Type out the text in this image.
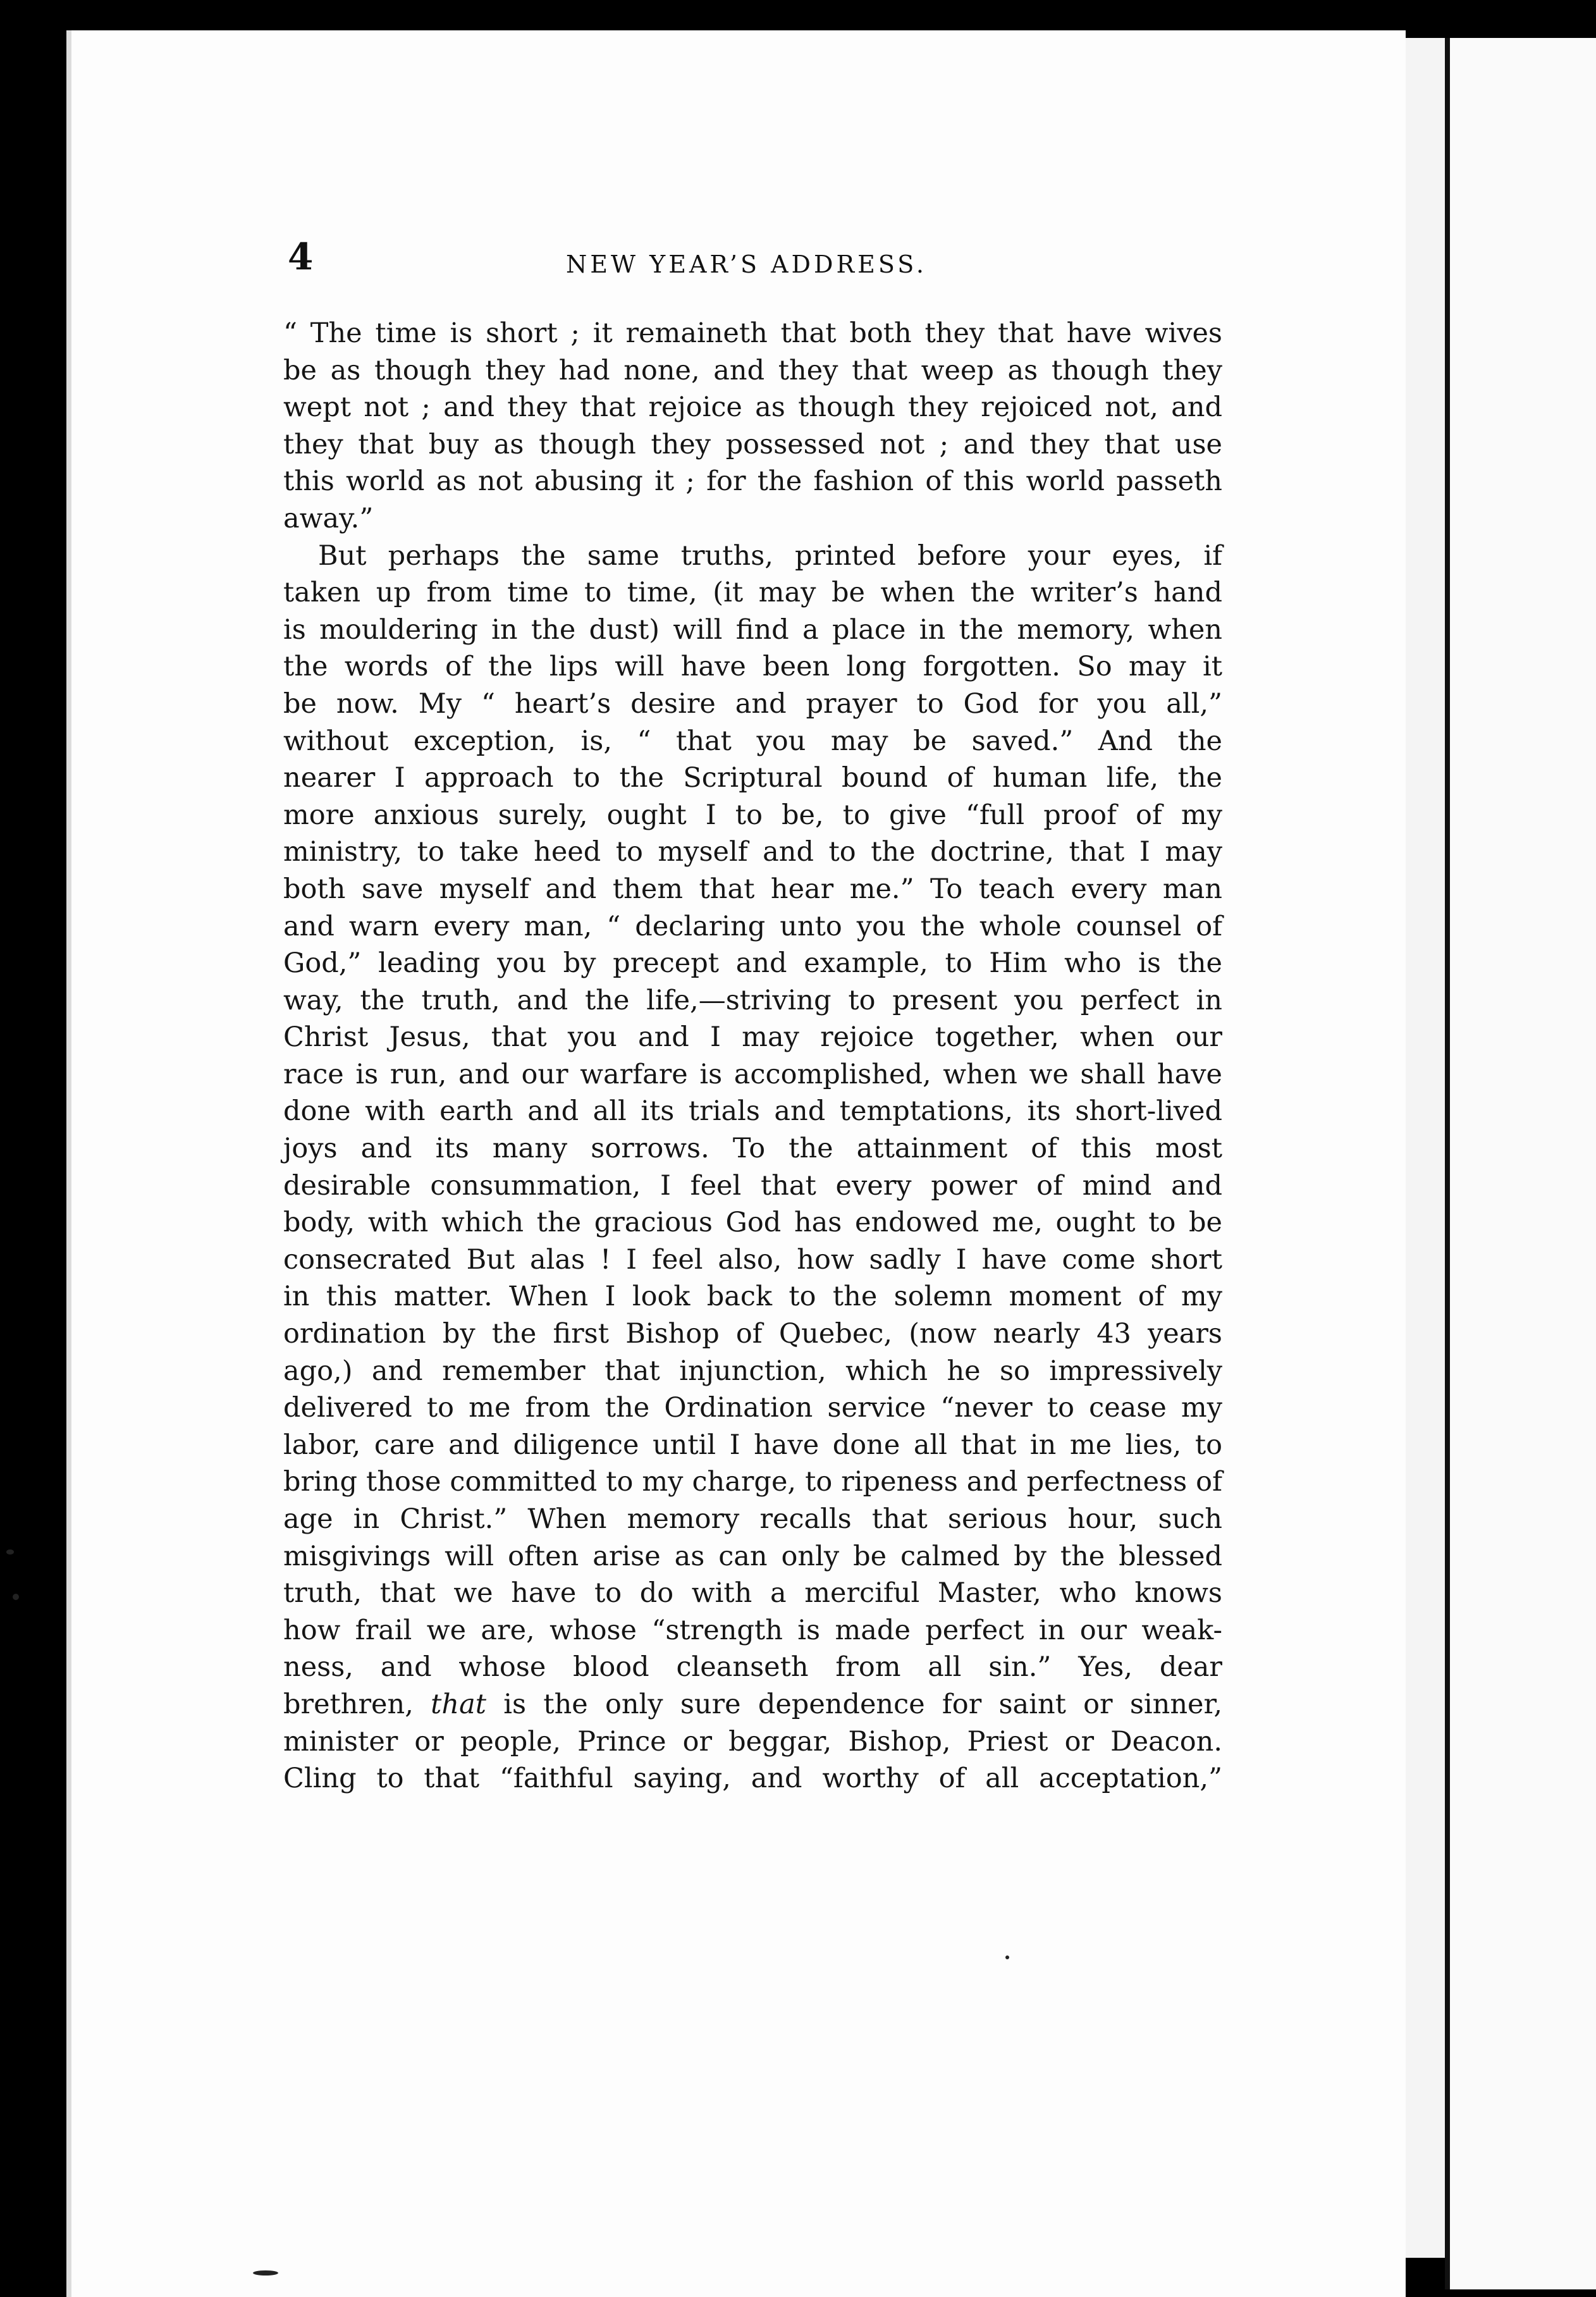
4	NEW YEAR’S ADDRESS.
“ The time is short ; it remaineth that both they that have wives
be as though they had none, and they that weep as though they
wept not ; and they that rejoice as though they rejoiced not, and
they that buy as though they possessed not ; and they that use
this world as not abusing it ; for the fashion of this world passeth
away.”
But perhaps the same truths, printed before your eyes, if
taken up from time to time, (it may be when the writer’s hand
is mouldering in the dust) will find a place in the memory, when
the words of the lips will have been long forgotten. So may it
be now. My “ heart’s desire and prayer to God for you all,”
without exception, is, “ that you may be saved.” And the
nearer I approach to the Scriptural bound of human life, the
more anxious surely, ought I to be, to give “full proof of my
ministry, to take heed to myself and to the doctrine, that I may
both save myself and them that hear me.” To teach every man
and warn every man, “ declaring unto you the whole counsel of
God,” leading you by precept and example, to Him who is the
way, the truth, and the life,—striving to present you perfect in
Christ Jesus, that you and I may rejoice together, when our
race is run, and our warfare is accomplished, when we shall have
done with earth and all its trials and temptations, its short-lived
joys and its many sorrows. To the attainment of this most
desirable consummation, I feel that every power of mind and
body, with which the gracious God has endowed me, ought to be
consecrated But alas ! I feel also, how sadly I have come short
in this matter. When I look back to the solemn moment of my
ordination by the first Bishop of Quebec, (now nearly 43 years
ago,) and remember that injunction, which he so impressively
delivered to me from the Ordination service “never to cease my
labor, care and diligence until I have done all that in me lies, to
bring those committed to my charge, to ripeness and perfectness of
age in Christ.” When memory recalls that serious hour, such
misgivings will often arise as can only be calmed by the blessed
truth, that we have to do with a merciful Master, who knows
how frail we are, whose “strength is made perfect in our weak-
ness, and whose blood cleanseth from all sin.” Yes, dear
brethren, that is the only sure dependence for saint or sinner,
minister or people, Prince or beggar, Bishop, Priest or Deacon.
Cling to that “faithful saying, and worthy of all acceptation,”
